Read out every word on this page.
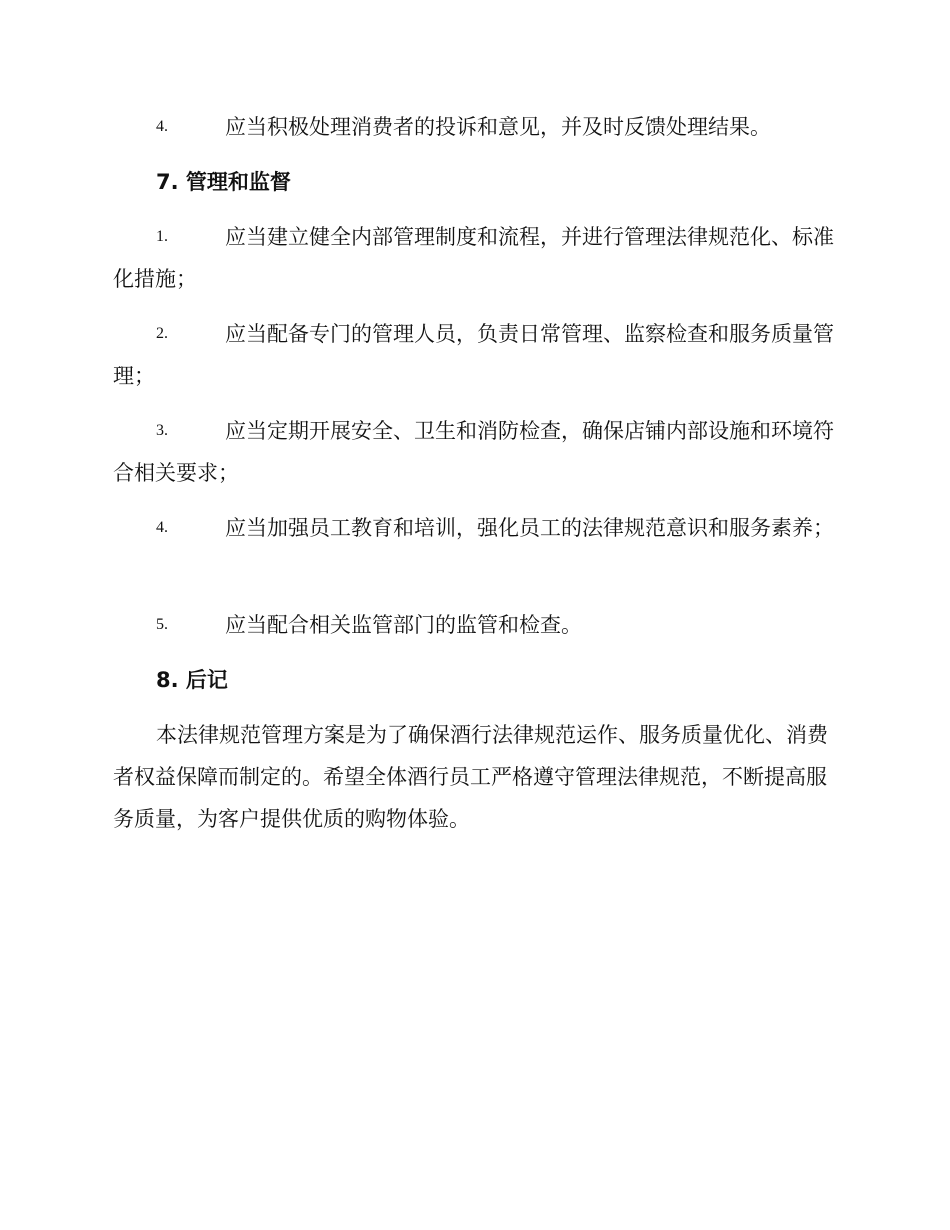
4.	应当积极处理消费者的投诉和意见，并及时反馈处理结果。
7. 管理和监督
1.	应当建立健全内部管理制度和流程，并进行管理法律规范化、标准化措施；
2.	应当配备专门的管理人员，负责日常管理、监察检查和服务质量管理；
3.	应当定期开展安全、卫生和消防检查，确保店铺内部设施和环境符合相关要求；
4.	应当加强员工教育和培训，强化员工的法律规范意识和服务素养；
5.	应当配合相关监管部门的监管和检查。
8. 后记
本法律规范管理方案是为了确保酒行法律规范运作、服务质量优化、消费者权益保障而制定的。希望全体酒行员工严格遵守管理法律规范，不断提高服务质量，为客户提供优质的购物体验。
